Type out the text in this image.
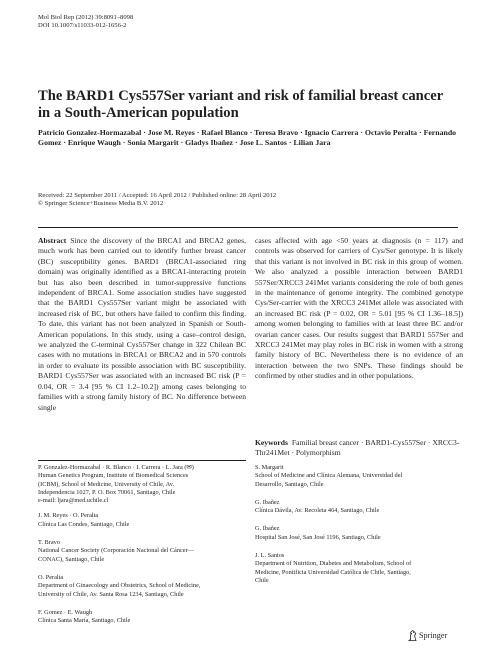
Mol Biol Rep (2012) 39:8091–8098
DOI 10.1007/s11033-012-1656-2
The BARD1 Cys557Ser variant and risk of familial breast cancer in a South-American population
Patricio Gonzalez-Hormazabal · Jose M. Reyes · Rafael Blanco · Teresa Bravo · Ignacio Carrera · Octavio Peralta · Fernando Gomez · Enrique Waugh · Sonia Margarit · Gladys Ibañez · Jose L. Santos · Lilian Jara
Received: 22 September 2011 / Accepted: 16 April 2012 / Published online: 28 April 2012
© Springer Science+Business Media B.V. 2012
Abstract Since the discovery of the BRCA1 and BRCA2 genes, much work has been carried out to identify further breast cancer (BC) susceptibility genes. BARD1 (BRCA1-associated ring domain) was originally identified as a BRCA1-interacting protein but has also been described in tumor-suppressive functions independent of BRCA1. Some association studies have suggested that the BARD1 Cys557Ser variant might be associated with increased risk of BC, but others have failed to confirm this finding. To date, this variant has not been analyzed in Spanish or South-American populations. In this study, using a case–control design, we analyzed the C-terminal Cys557Ser change in 322 Chilean BC cases with no mutations in BRCA1 or BRCA2 and in 570 controls in order to evaluate its possible association with BC susceptibility. BARD1 Cys557Ser was associated with an increased BC risk (P = 0.04, OR = 3.4 [95 % CI 1.2–10.2]) among cases belonging to families with a strong family history of BC. No difference between single
cases affected with age <50 years at diagnosis (n = 117) and controls was observed for carriers of Cys/Ser genotype. It is likely that this variant is not involved in BC risk in this group of women. We also analyzed a possible interaction between BARD1 557Ser/XRCC3 241Met variants considering the role of both genes in the maintenance of genome integrity. The combined genotype Cys/Ser-carrier with the XRCC3 241Met allele was associated with an increased BC risk (P = 0.02, OR = 5.01 [95 % CI 1.36–18.5]) among women belonging to families with at least three BC and/or ovarian cancer cases. Our results suggest that BARD1 557Ser and XRCC3 241Met may play roles in BC risk in women with a strong family history of BC. Nevertheless there is no evidence of an interaction between the two SNPs. These findings should be confirmed by other studies and in other populations.
Keywords Familial breast cancer · BARD1-Cys557Ser · XRCC3-Thr241Met · Polymorphism
P. Gonzalez-Hormazabal · R. Blanco · I. Carrera · L. Jara (✉)
Human Genetics Program, Institute of Biomedical Sciences
(ICBM), School of Medicine, University of Chile, Av.
Independencia 1027, P. O. Box 70061, Santiago, Chile
e-mail: ljara@med.uchile.cl
J. M. Reyes · O. Peralta
Clínica Las Condes, Santiago, Chile
T. Bravo
National Cancer Society (Corporación Nacional del Cáncer—
CONAC), Santiago, Chile
O. Peralta
Department of Ginaecology and Obstetrics, School of Medicine,
University of Chile, Av. Santa Rosa 1234, Santiago, Chile
F. Gomez · E. Waugh
Clínica Santa María, Santiago, Chile
S. Margarit
School of Medicine and Clínica Alemana, Universidad del
Desarrollo, Santiago, Chile
G. Ibañez
Clínica Dávila, Av. Recoleta 464, Santiago, Chile
G. Ibañez
Hospital San José, San José 1196, Santiago, Chile
J. L. Santos
Department of Nutrition, Diabetes and Metabolism, School of
Medicine, Pontificia Universidad Católica de Chile, Santiago,
Chile
Springer
